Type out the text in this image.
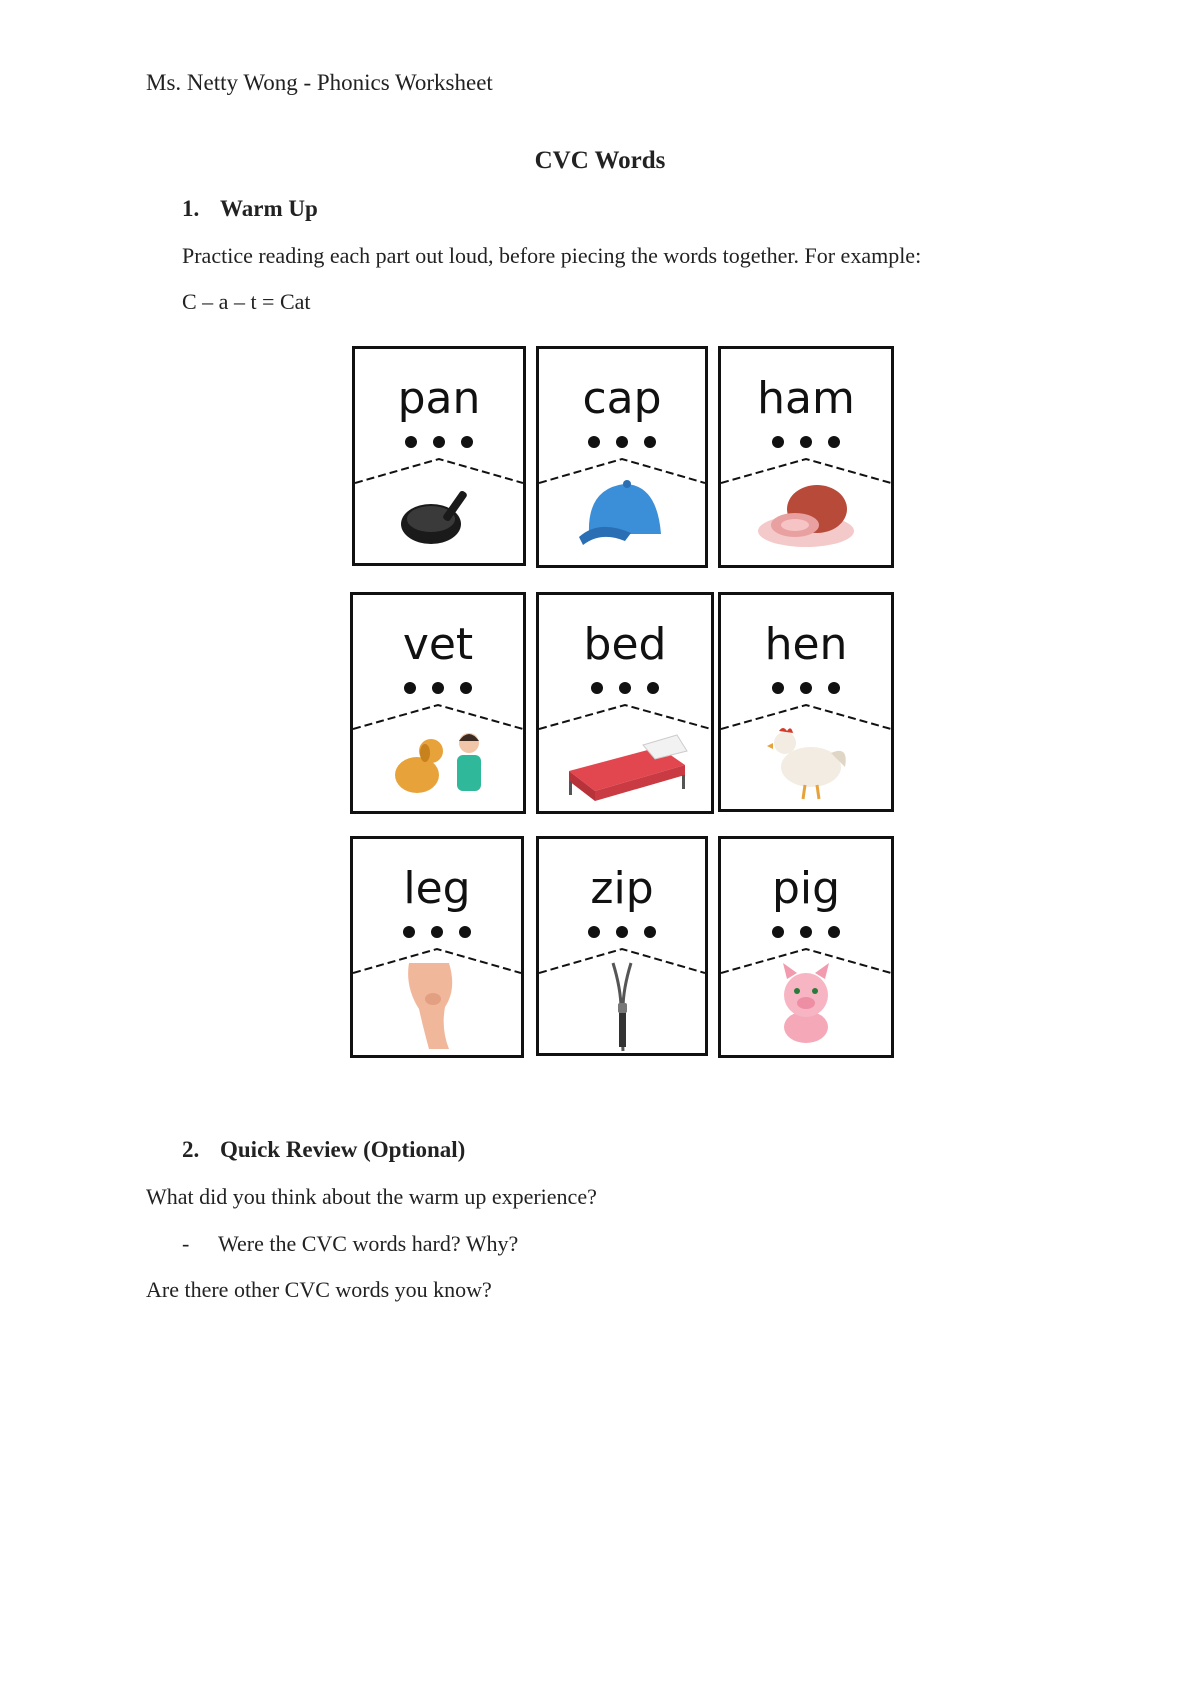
Ms. Netty Wong - Phonics Worksheet
CVC Words
1. Warm Up
Practice reading each part out loud, before piecing the words together. For example:
C – a – t = Cat
pan	cap	ham
vet	bed	hen
leg	zip	pig
2. Quick Review (Optional)
What did you think about the warm up experience?
- Were the CVC words hard? Why?
Are there other CVC words you know?
